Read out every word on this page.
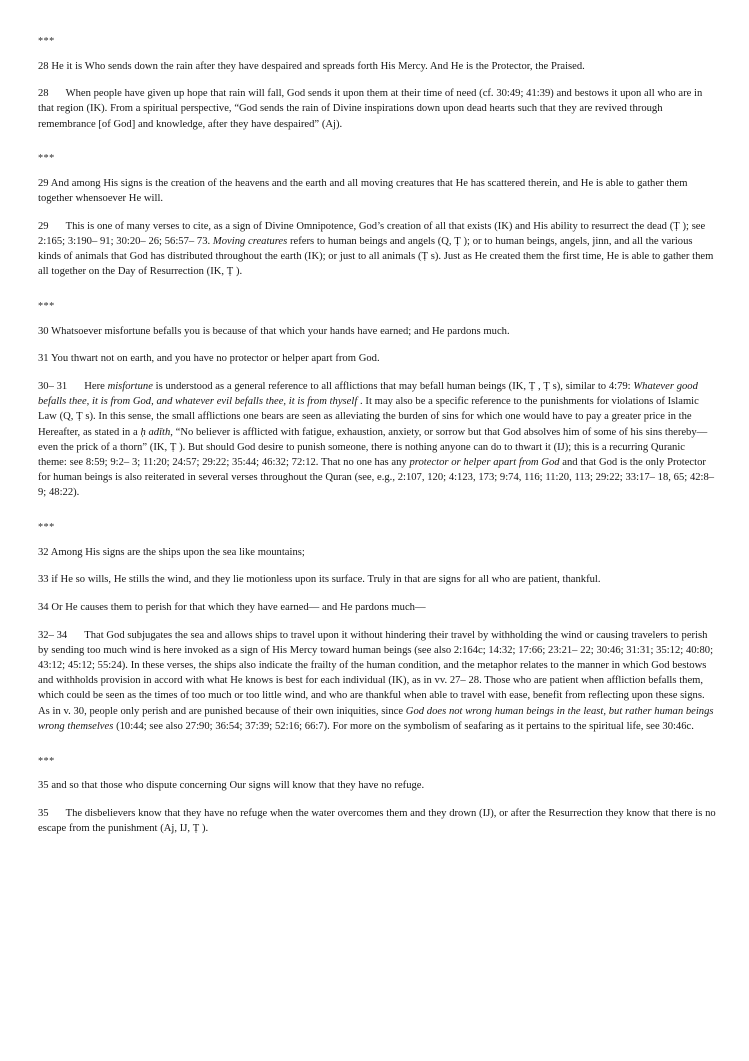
***

28 He it is Who sends down the rain after they have despaired and spreads forth His Mercy. And He is the Protector, the Praised.

28 When people have given up hope that rain will fall, God sends it upon them at their time of need (cf. 30:49; 41:39) and bestows it upon all who are in that region (IK). From a spiritual perspective, “God sends the rain of Divine inspirations down upon dead hearts such that they are revived through remembrance [of God] and knowledge, after they have despaired” (Aj).

***

29 And among His signs is the creation of the heavens and the earth and all moving creatures that He has scattered therein, and He is able to gather them together whensoever He will.

29 This is one of many verses to cite, as a sign of Divine Omnipotence, God’s creation of all that exists (IK) and His ability to resurrect the dead (Ṭ ); see 2:165; 3:190– 91; 30:20– 26; 56:57– 73. Moving creatures refers to human beings and angels (Q, Ṭ ); or to human beings, angels, jinn, and all the various kinds of animals that God has distributed throughout the earth (IK); or just to all animals (Ṭ s). Just as He created them the first time, He is able to gather them all together on the Day of Resurrection (IK, Ṭ ).

***

30 Whatsoever misfortune befalls you is because of that which your hands have earned; and He pardons much.

31 You thwart not on earth, and you have no protector or helper apart from God.

30– 31 Here misfortune is understood as a general reference to all afflictions that may befall human beings (IK, Ṭ , Ṭ s), similar to 4:79: Whatever good befalls thee, it is from God, and whatever evil befalls thee, it is from thyself . It may also be a specific reference to the punishments for violations of Islamic Law (Q, Ṭ s). In this sense, the small afflictions one bears are seen as alleviating the burden of sins for which one would have to pay a greater price in the Hereafter, as stated in a ḥ adīth, “No believer is afflicted with fatigue, exhaustion, anxiety, or sorrow but that God absolves him of some of his sins thereby— even the prick of a thorn” (IK, Ṭ ). But should God desire to punish someone, there is nothing anyone can do to thwart it (IJ); this is a recurring Quranic theme: see 8:59; 9:2– 3; 11:20; 24:57; 29:22; 35:44; 46:32; 72:12. That no one has any protector or helper apart from God and that God is the only Protector for human beings is also reiterated in several verses throughout the Quran (see, e.g., 2:107, 120; 4:123, 173; 9:74, 116; 11:20, 113; 29:22; 33:17– 18, 65; 42:8– 9; 48:22).

***

32 Among His signs are the ships upon the sea like mountains;

33 if He so wills, He stills the wind, and they lie motionless upon its surface. Truly in that are signs for all who are patient, thankful.

34 Or He causes them to perish for that which they have earned— and He pardons much—

32– 34 That God subjugates the sea and allows ships to travel upon it without hindering their travel by withholding the wind or causing travelers to perish by sending too much wind is here invoked as a sign of His Mercy toward human beings (see also 2:164c; 14:32; 17:66; 23:21– 22; 30:46; 31:31; 35:12; 40:80; 43:12; 45:12; 55:24). In these verses, the ships also indicate the frailty of the human condition, and the metaphor relates to the manner in which God bestows and withholds provision in accord with what He knows is best for each individual (IK), as in vv. 27– 28. Those who are patient when affliction befalls them, which could be seen as the times of too much or too little wind, and who are thankful when able to travel with ease, benefit from reflecting upon these signs. As in v. 30, people only perish and are punished because of their own iniquities, since God does not wrong human beings in the least, but rather human beings wrong themselves (10:44; see also 27:90; 36:54; 37:39; 52:16; 66:7). For more on the symbolism of seafaring as it pertains to the spiritual life, see 30:46c.

***

35 and so that those who dispute concerning Our signs will know that they have no refuge.

35 The disbelievers know that they have no refuge when the water overcomes them and they drown (IJ), or after the Resurrection they know that there is no escape from the punishment (Aj, IJ, Ṭ ).
